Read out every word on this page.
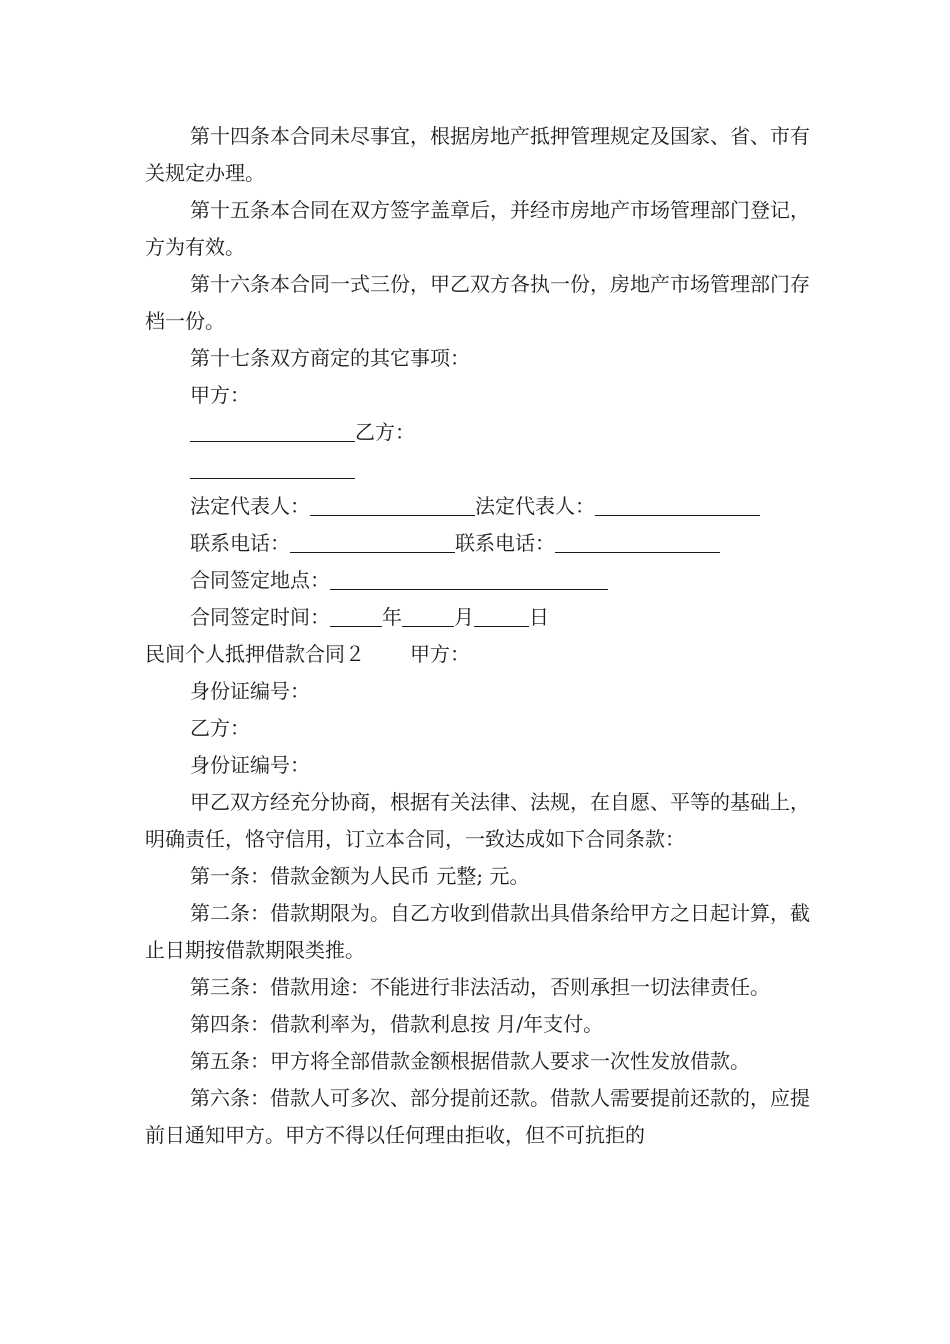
第十四条本合同未尽事宜，根据房地产抵押管理规定及国家、省、市有关规定办理。

第十五条本合同在双方签字盖章后，并经市房地产市场管理部门登记，方为有效。

第十六条本合同一式三份，甲乙双方各执一份，房地产市场管理部门存档一份。

第十七条双方商定的其它事项：

甲方：

乙方：

法定代表人：	法定代表人：

联系电话：	联系电话：

合同签定地点：

合同签定时间：	年	月	日

民间个人抵押借款合同２ 甲方：

身份证编号：

乙方：

身份证编号：

甲乙双方经充分协商，根据有关法律、法规，在自愿、平等的基础上，明确责任，恪守信用，订立本合同，一致达成如下合同条款：

第一条：借款金额为人民币 元整; 元。

第二条：借款期限为。自乙方收到借款出具借条给甲方之日起计算，截止日期按借款期限类推。

第三条：借款用途：不能进行非法活动，否则承担一切法律责任。

第四条：借款利率为，借款利息按 月/年支付。

第五条：甲方将全部借款金额根据借款人要求一次性发放借款。

第六条：借款人可多次、部分提前还款。借款人需要提前还款的，应提前日通知甲方。甲方不得以任何理由拒收，但不可抗拒的
